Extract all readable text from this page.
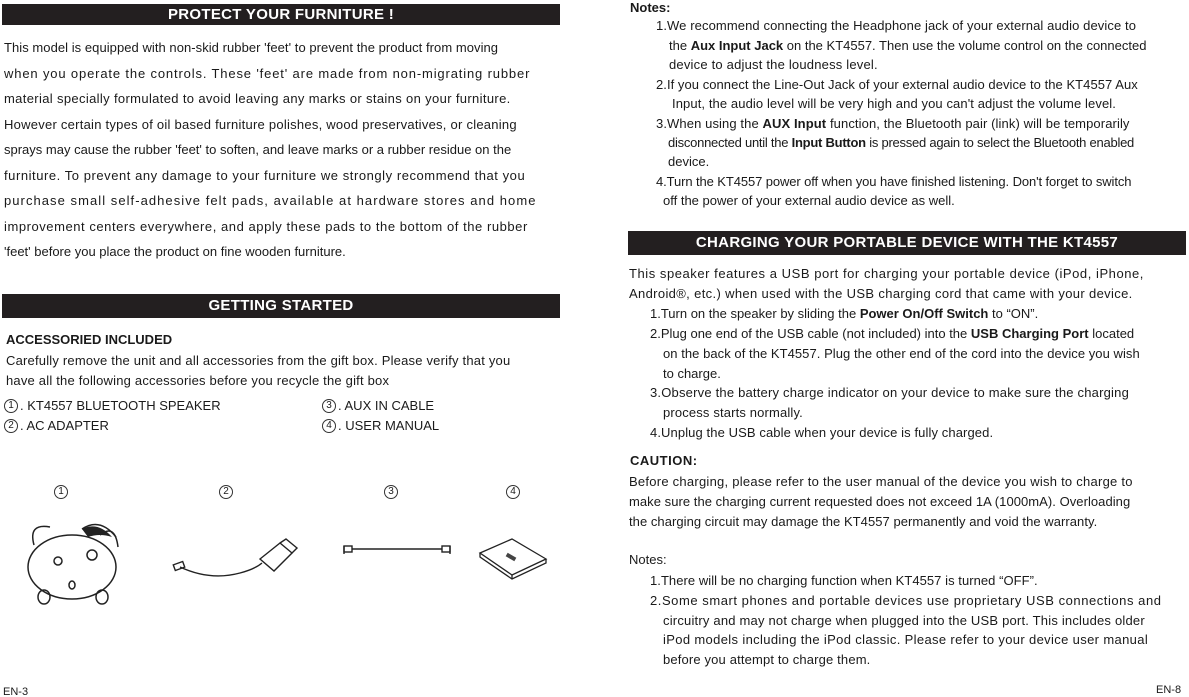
PROTECT YOUR FURNITURE !

This model is equipped with non-skid rubber 'feet' to prevent the product from moving

when you operate the controls. These 'feet' are made from non-migrating rubber

material specially formulated to avoid leaving any marks or stains on your furniture.

However certain types of oil based furniture polishes, wood preservatives, or cleaning

sprays may cause the rubber 'feet' to soften, and leave marks or a rubber residue on the

furniture. To prevent any damage to your furniture we strongly recommend that you

purchase small self-adhesive felt pads, available at hardware stores and home

improvement centers everywhere, and apply these pads to the bottom of the rubber

'feet' before you place the product on fine wooden furniture.

GETTING STARTED
ACCESSORIED INCLUDED

Carefully remove the unit and all accessories from the gift box. Please verify that you

have all the following accessories before you recycle the gift box

1 . KT4557 BLUETOOTH SPEAKER
2 . AC ADAPTER
3 . AUX IN CABLE
4 . USER MANUAL
1	2	3	4
EN-3
Notes:
1.We recommend connecting the Headphone jack of your external audio device to
the Aux Input Jack on the KT4557. Then use the volume control on the connected
device to adjust the loudness level.
2.If you connect the Line-Out Jack of your external audio device to the KT4557 Aux
Input, the audio level will be very high and you can't adjust the volume level.
3.When using the AUX Input function, the Bluetooth pair (link) will be temporarily
disconnected until the Input Button is pressed again to select the Bluetooth enabled
device.
4.Turn the KT4557 power off when you have finished listening. Don't forget to switch
off the power of your external audio device as well.
CHARGING YOUR PORTABLE DEVICE WITH THE KT4557
This speaker features a USB port for charging your portable device (iPod, iPhone,
Android®, etc.) when used with the USB charging cord that came with your device.
1.Turn on the speaker by sliding the Power On/Off Switch to “ON”.
2.Plug one end of the USB cable (not included) into the USB Charging Port located
on the back of the KT4557. Plug the other end of the cord into the device you wish
to charge.
3.Observe the battery charge indicator on your device to make sure the charging
process starts normally.
4.Unplug the USB cable when your device is fully charged.
CAUTION:
Before charging, please refer to the user manual of the device you wish to charge to
make sure the charging current requested does not exceed 1A (1000mA). Overloading
the charging circuit may damage the KT4557 permanently and void the warranty.
Notes:
1.There will be no charging function when KT4557 is turned “OFF”.
2.Some smart phones and portable devices use proprietary USB connections and
circuitry and may not charge when plugged into the USB port. This includes older
iPod models including the iPod classic. Please refer to your device user manual
before you attempt to charge them.
EN-8
